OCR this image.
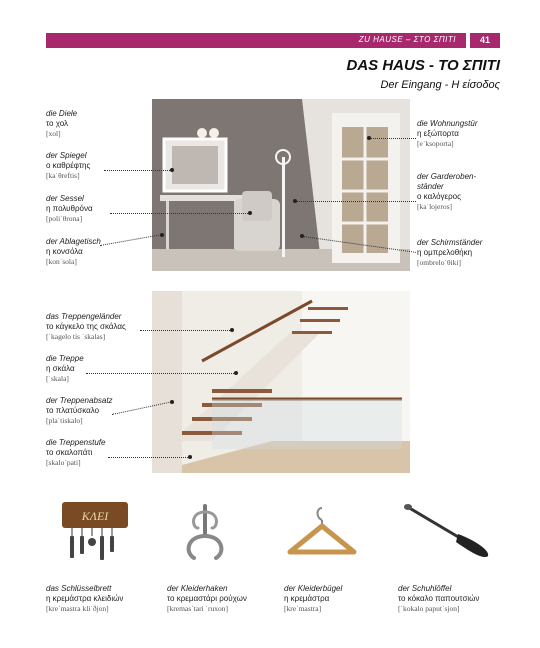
ZU HAUSE – ΣΤΟ ΣΠΙΤΙ	41
DAS HAUS - ΤΟ ΣΠΙΤΙ
Der Eingang - Η είσοδος
die Diele
το χολ
[xol]
der Spiegel
ο καθρέφτης
[kaˈθreftis]
der Sessel
η πολυθρόνα
[poliˈθrona]
der Ablagetisch
η κονσόλα
[konˈsola]
die Wohnungstür
η εξώπορτα
[eˈksoporta]
der Garderoben-ständer
ο καλόγερος
[kaˈlojeros]
der Schirmständer
η ομπρελοθήκη
[ombreloˈθiki]
das Treppengeländer
το κάγκελο της σκάλας
[ˈkagelo tis ˈskalas]
die Treppe
η σκάλα
[ˈskala]
der Treppenabsatz
το πλατύσκαλο
[plaˈtiskalo]
die Treppenstufe
το σκαλοπάτι
[skaloˈpati]
KΛΕΙ
das Schlüsselbrett
η κρεμάστρα κλειδιών
[kreˈmastra kliˈðjon]
der Kleiderhaken
το κρεμαστάρι ρούχων
[kremasˈtari ˈruxon]
der Kleiderbügel
η κρεμάστρα
[kreˈmastra]
der Schuhlöffel
το κόκαλο παπουτσιών
[ˈkokalo paputˈsjon]
